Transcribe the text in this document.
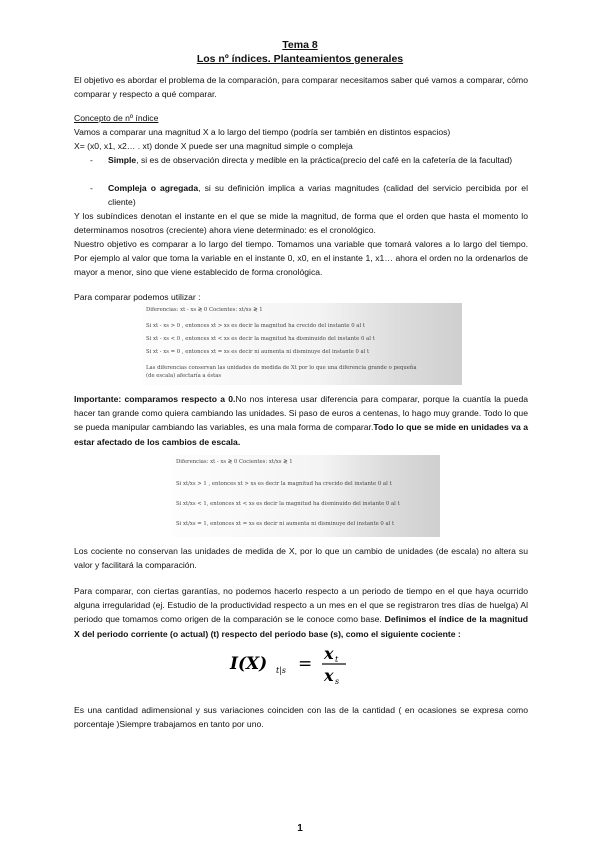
Tema 8
Los nº índices. Planteamientos generales
El objetivo es abordar el problema de la comparación, para comparar necesitamos saber qué vamos a comparar, cómo comparar y respecto a qué comparar.
Concepto de nº índice
Vamos a comparar una magnitud X a lo largo del tiempo (podría ser también en distintos espacios)
X= (x0, x1, x2… . xt) donde X puede ser una magnitud simple o compleja
- Simple, si es de observación directa y medible en la práctica(precio del café en la cafetería de la facultad)
- Compleja o agregada, si su definición implica a varias magnitudes (calidad del servicio percibida por el cliente)
Y los subíndices denotan el instante en el que se mide la magnitud, de forma que el orden que hasta el momento lo determinamos nosotros (creciente) ahora viene determinado: es el cronológico.
Nuestro objetivo es comparar a lo largo del tiempo. Tomamos una variable que tomará valores a lo largo del tiempo. Por ejemplo al valor que toma la variable en el instante 0, x0, en el instante 1, x1… ahora el orden no la ordenarlos de mayor a menor, sino que viene establecido de forma cronológica.
Para comparar podemos utilizar :
Diferencias: xt - xs ≷ 0 Cocientes: xt/xs ≷ 1
Si xt - xs > 0 , entonces xt > xs es decir la magnitud ha crecido del instante 0 al t
Si xt - xs < 0 , entonces xt < xs es decir la magnitud ha disminuido del instante 0 al t
Si xt - xs = 0 , entonces xt = xs es decir ni aumenta ni disminuye del instante 0 al t
Las diferencias conservan las unidades de medida de Xt por lo que una diferencia grande o pequeña
(de escala) afectaría a éstas
Importante: comparamos respecto a 0.No nos interesa usar diferencia para comparar, porque la cuantía la pueda hacer tan grande como quiera cambiando las unidades. Si paso de euros a centenas, lo hago muy grande. Todo lo que se pueda manipular cambiando las variables, es una mala forma de comparar.Todo lo que se mide en unidades va a estar afectado de los cambios de escala.
Diferencias: xt - xs ≷ 0 Cocientes: xt/xs ≷ 1
Si xt/xs > 1 , entonces xt > xs es decir la magnitud ha crecido del instante 0 al t
Si xt/xs < 1, entonces xt < xs es decir la magnitud ha disminuido del instante 0 al t
Si xt/xs = 1, entonces xt = xs es decir ni aumenta ni disminuye del instante 0 al t
Los cociente no conservan las unidades de medida de X, por lo que un cambio de unidades (de escala) no altera su valor y facilitará la comparación.
Para comparar, con ciertas garantías, no podemos hacerlo respecto a un periodo de tiempo en el que haya ocurrido alguna irregularidad (ej. Estudio de la productividad respecto a un mes en el que se registraron tres días de huelga) Al periodo que tomamos como origen de la comparación se le conoce como base. Definimos el índice de la magnitud X del periodo corriente (o actual) (t) respecto del periodo base (s), como el siguiente cociente :
I(X) t|s =
x t
x s
Es una cantidad adimensional y sus variaciones coinciden con las de la cantidad ( en ocasiones se expresa como porcentaje )Siempre trabajamos en tanto por uno.
1
